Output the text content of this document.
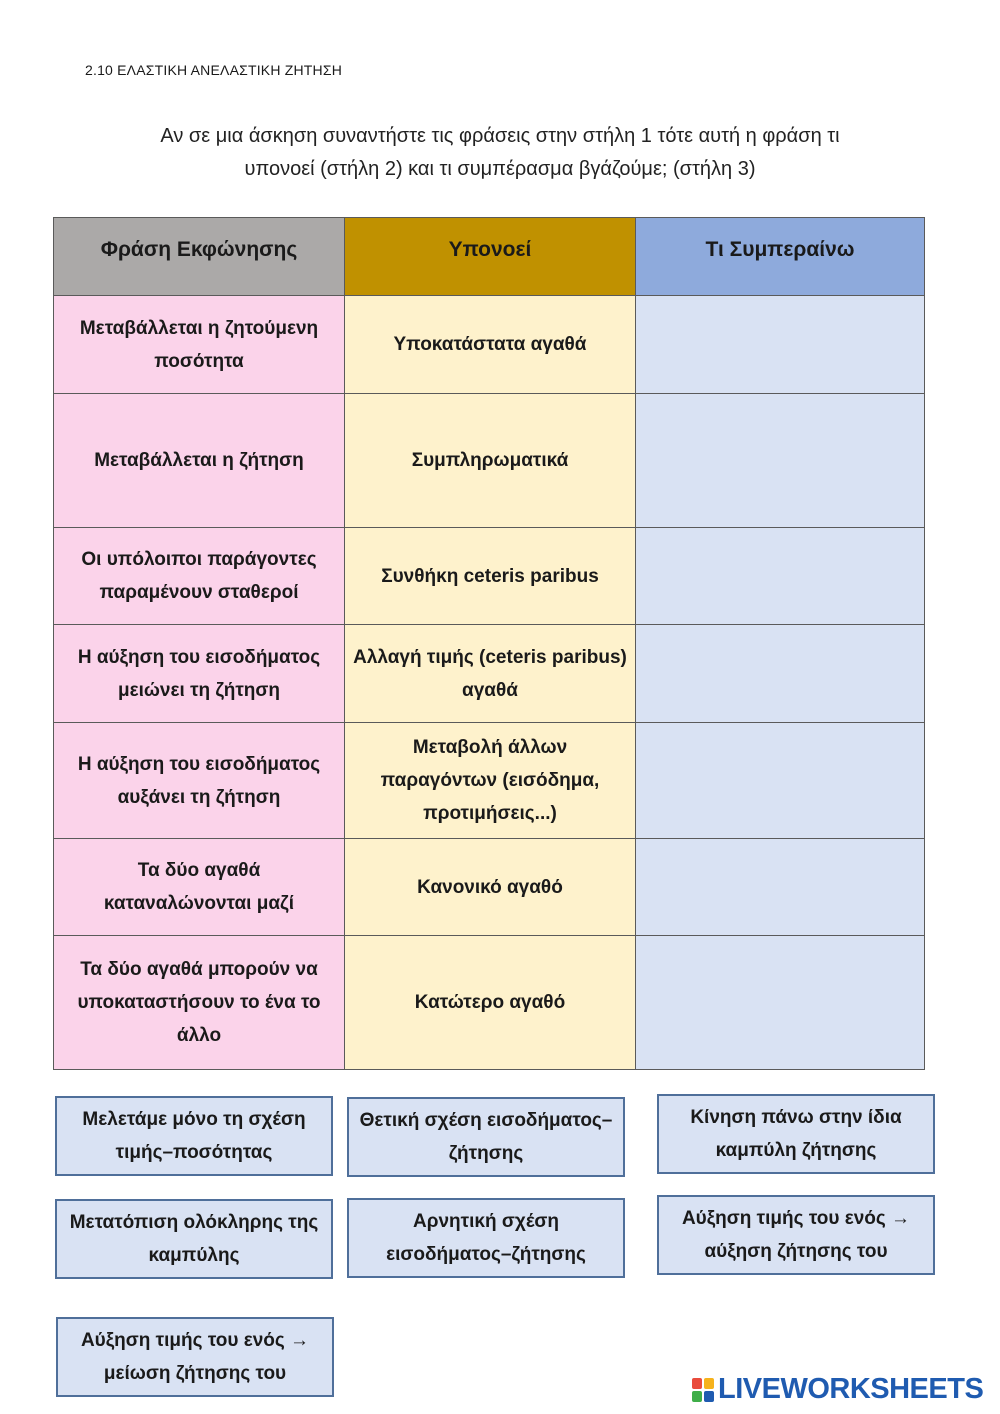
2.10 ΕΛΑΣΤΙΚΗ ΑΝΕΛΑΣΤΙΚΗ ΖΗΤΗΣΗ
Αν σε μια άσκηση συναντήστε τις φράσεις στην στήλη 1 τότε αυτή η φράση τι
υπονοεί (στήλη 2) και τι συμπέρασμα βγάζούμε; (στήλη 3)
Φράση Εκφώνησης	Υπονοεί	Τι Συμπεραίνω
Μεταβάλλεται η ζητούμενη ποσότητα	Υποκατάστατα αγαθά	
Μεταβάλλεται η ζήτηση	Συμπληρωματικά	
Οι υπόλοιποι παράγοντες παραμένουν σταθεροί	Συνθήκη ceteris paribus	
Η αύξηση του εισοδήματος μειώνει τη ζήτηση	Αλλαγή τιμής (ceteris paribus) αγαθά	
Η αύξηση του εισοδήματος αυξάνει τη ζήτηση	Μεταβολή άλλων παραγόντων (εισόδημα, προτιμήσεις...)	
Τα δύο αγαθά καταναλώνονται μαζί	Κανονικό αγαθό	
Τα δύο αγαθά μπορούν να υποκαταστήσουν το ένα το άλλο	Κατώτερο αγαθό	
Μελετάμε μόνο τη σχέση τιμής–ποσότητας
Θετική σχέση εισοδήματος–ζήτησης
Κίνηση πάνω στην ίδια καμπύλη ζήτησης
Μετατόπιση ολόκληρης της καμπύλης
Αρνητική σχέση εισοδήματος–ζήτησης
Αύξηση τιμής του ενός → αύξηση ζήτησης του
Αύξηση τιμής του ενός → μείωση ζήτησης του	LIVEWORKSHEETS
